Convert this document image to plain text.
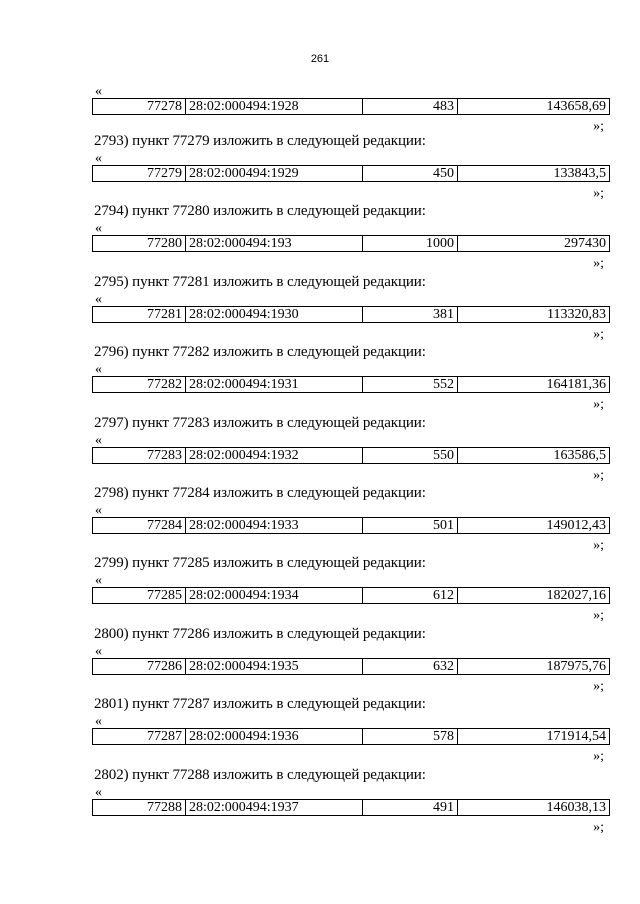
261
«
77278	28:02:000494:1928	483	143658,69
»;
2793) пункт 77279 изложить в следующей редакции:
«
77279	28:02:000494:1929	450	133843,5
»;
2794) пункт 77280 изложить в следующей редакции:
«
77280	28:02:000494:193	1000	297430
»;
2795) пункт 77281 изложить в следующей редакции:
«
77281	28:02:000494:1930	381	113320,83
»;
2796) пункт 77282 изложить в следующей редакции:
«
77282	28:02:000494:1931	552	164181,36
»;
2797) пункт 77283 изложить в следующей редакции:
«
77283	28:02:000494:1932	550	163586,5
»;
2798) пункт 77284 изложить в следующей редакции:
«
77284	28:02:000494:1933	501	149012,43
»;
2799) пункт 77285 изложить в следующей редакции:
«
77285	28:02:000494:1934	612	182027,16
»;
2800) пункт 77286 изложить в следующей редакции:
«
77286	28:02:000494:1935	632	187975,76
»;
2801) пункт 77287 изложить в следующей редакции:
«
77287	28:02:000494:1936	578	171914,54
»;
2802) пункт 77288 изложить в следующей редакции:
«
77288	28:02:000494:1937	491	146038,13
»;
